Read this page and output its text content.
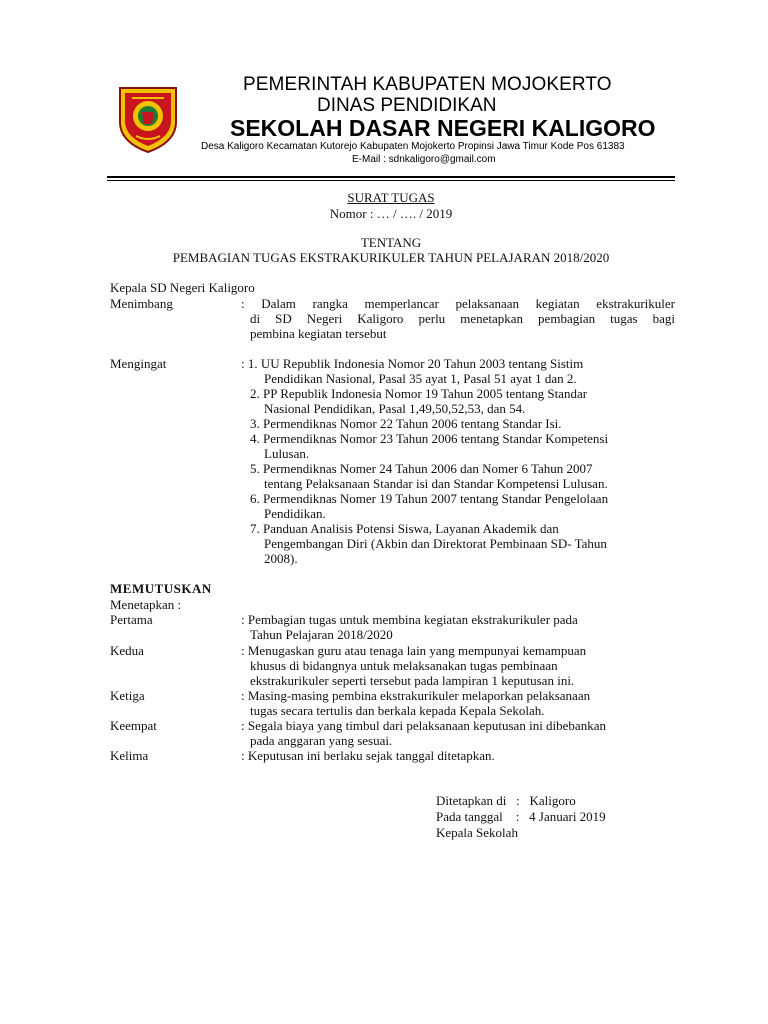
PEMERINTAH KABUPATEN MOJOKERTO
DINAS PENDIDIKAN
SEKOLAH DASAR NEGERI KALIGORO
Desa Kaligoro Kecamatan Kutorejo Kabupaten Mojokerto Propinsi Jawa Timur Kode Pos 61383
E-Mail : sdnkaligoro@gmail.com
SURAT TUGAS
Nomor : … / …. / 2019
TENTANG
PEMBAGIAN TUGAS EKSTRAKURIKULER TAHUN PELAJARAN 2018/2020
Kepala SD Negeri Kaligoro
Menimbang	: Dalam rangka memperlancar pelaksanaan kegiatan ekstrakurikuler
di SD Negeri Kaligoro perlu menetapkan pembagian tugas bagi
pembina kegiatan tersebut
Mengingat	: 1. UU Republik Indonesia Nomor 20 Tahun 2003 tentang Sistim
Pendidikan Nasional, Pasal 35 ayat 1, Pasal 51 ayat 1 dan 2.
2. PP Republik Indonesia Nomor 19 Tahun 2005 tentang Standar
Nasional Pendidikan, Pasal 1,49,50,52,53, dan 54.
3. Permendiknas Nomor 22 Tahun 2006 tentang Standar Isi.
4. Permendiknas Nomor 23 Tahun 2006 tentang Standar Kompetensi
Lulusan.
5. Permendiknas Nomer 24 Tahun 2006 dan Nomer 6 Tahun 2007
tentang Pelaksanaan Standar isi dan Standar Kompetensi Lulusan.
6. Permendiknas Nomer 19 Tahun 2007 tentang Standar Pengelolaan
Pendidikan.
7. Panduan Analisis Potensi Siswa, Layanan Akademik dan
Pengembangan Diri (Akbin dan Direktorat Pembinaan SD- Tahun
2008).
MEMUTUSKAN
Menetapkan :
Pertama	: Pembagian tugas untuk membina kegiatan ekstrakurikuler pada
Tahun Pelajaran 2018/2020
Kedua	: Menugaskan guru atau tenaga lain yang mempunyai kemampuan
khusus di bidangnya untuk melaksanakan tugas pembinaan
ekstrakurikuler seperti tersebut pada lampiran 1 keputusan ini.
Ketiga	: Masing-masing pembina ekstrakurikuler melaporkan pelaksanaan
tugas secara tertulis dan berkala kepada Kepala Sekolah.
Keempat	: Segala biaya yang timbul dari pelaksanaan keputusan ini dibebankan
pada anggaran yang sesuai.
Kelima	: Keputusan ini berlaku sejak tanggal ditetapkan.
Ditetapkan di   :   Kaligoro
Pada tanggal    :   4 Januari 2019
Kepala Sekolah
